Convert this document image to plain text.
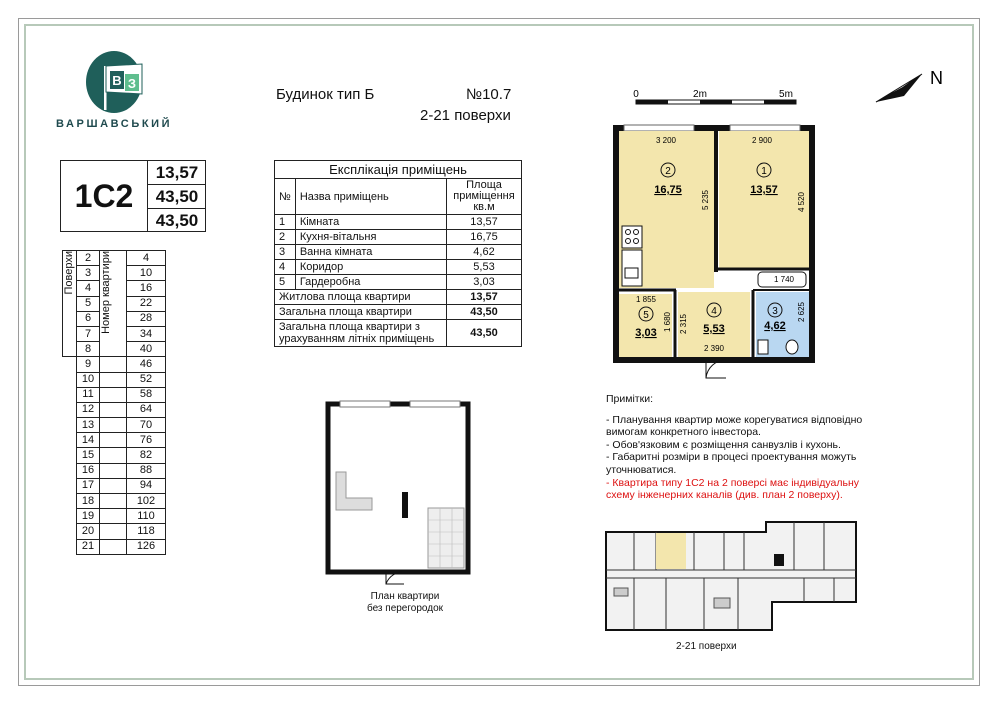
В З
ВАРШАВСЬКИЙ
Будинок тип Б	№10.7
2-21 поверхи
1С2
13,57
43,50
43,50
Поверхи	2	Номер квартири	4
	3		10
	4		16
	5		22
	6		28
	7		34
	8		40
	9		46
	10		52
	11		58
	12		64
	13		70
	14		76
	15		82
	16		88
	17		94
	18		102
	19		110
	20		118
	21		126
Експлікація приміщень		
№	Назва приміщень	Площа приміщення кв.м
1	Кімната	13,57
2	Кухня-вітальня	16,75
3	Ванна кімната	4,62
4	Коридор	5,53
5	Гардеробна	3,03
Житлова площа квартири		13,57
Загальна площа квартири		43,50
Загальна площа квартири з урахуванням літніх приміщень		43,50
0	2m	5m
N
3 200	2 900
5 235	4 520
1 740
1 855
1 680 2 315
2 390
2 625
2
16,75
1
13,57
3
4,62
4
5,53
5
3,03
План квартири
без перегородок
Примітки:
- Планування квартир може корегуватися відповідно вимогам конкретного інвестора.
- Обов'язковим є розміщення санвузлів і кухонь.
- Габаритні розміри в процесі проектування можуть уточнюватися.
- Квартира типу 1С2 на 2 поверсі має індивідуальну схему інженерних каналів (див. план 2 поверху).
2-21 поверхи
